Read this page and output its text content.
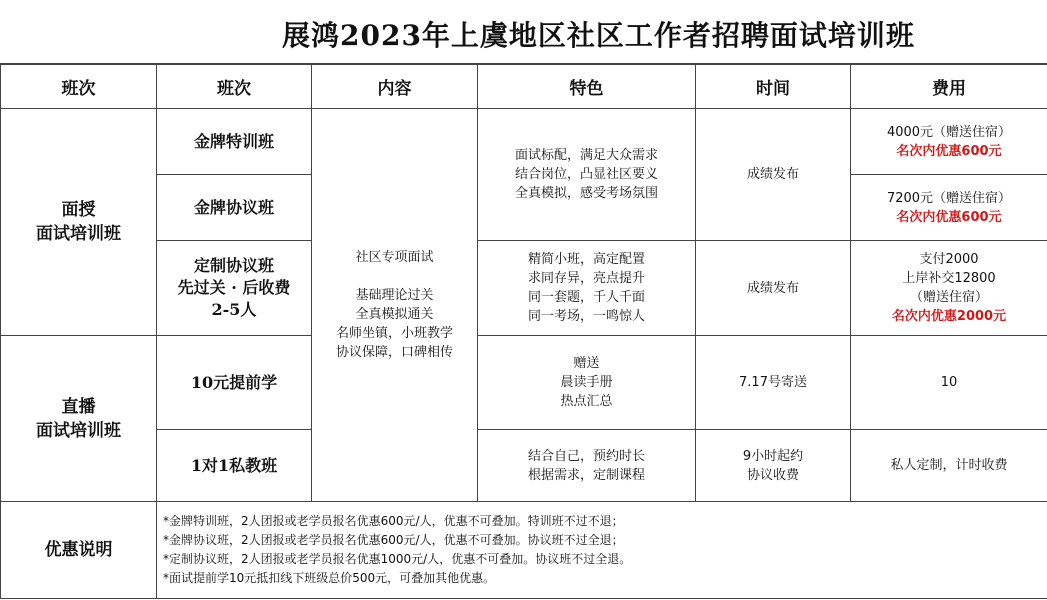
展鸿2023年上虞地区社区工作者招聘面试培训班
班次	班次	内容	特色	时间	费用

面授
面试培训班	金牌特训班	社区专项面试

基础理论过关
全真模拟通关
名师坐镇，小班教学
协议保障，口碑相传	面试标配，满足大众需求
结合岗位，凸显社区要义
全真模拟，感受考场氛围	成绩发布	4000元（赠送住宿）
名次内优惠600元

	金牌协议班				7200元（赠送住宿）
名次内优惠600元

	定制协议班
先过关 · 后收费
2-5人		精简小班，高定配置
求同存异，亮点提升
同一套题，千人千面
同一考场，一鸣惊人	成绩发布	支付2000
上岸补交12800
（赠送住宿）
名次内优惠2000元

直播
面试培训班	10元提前学		赠送
晨读手册
热点汇总	7.17号寄送	10
	1对1私教班		结合自己，预约时长
根据需求，定制课程	9小时起约
协议收费	私人定制，计时收费
优惠说明	*金牌特训班，2人团报或老学员报名优惠600元/人，优惠不可叠加。特训班不过不退；
*金牌协议班，2人团报或老学员报名优惠600元/人，优惠不可叠加。协议班不过全退；
*定制协议班，2人团报或老学员报名优惠1000元/人，优惠不可叠加。协议班不过全退。
*面试提前学10元抵扣线下班级总价500元，可叠加其他优惠。				
